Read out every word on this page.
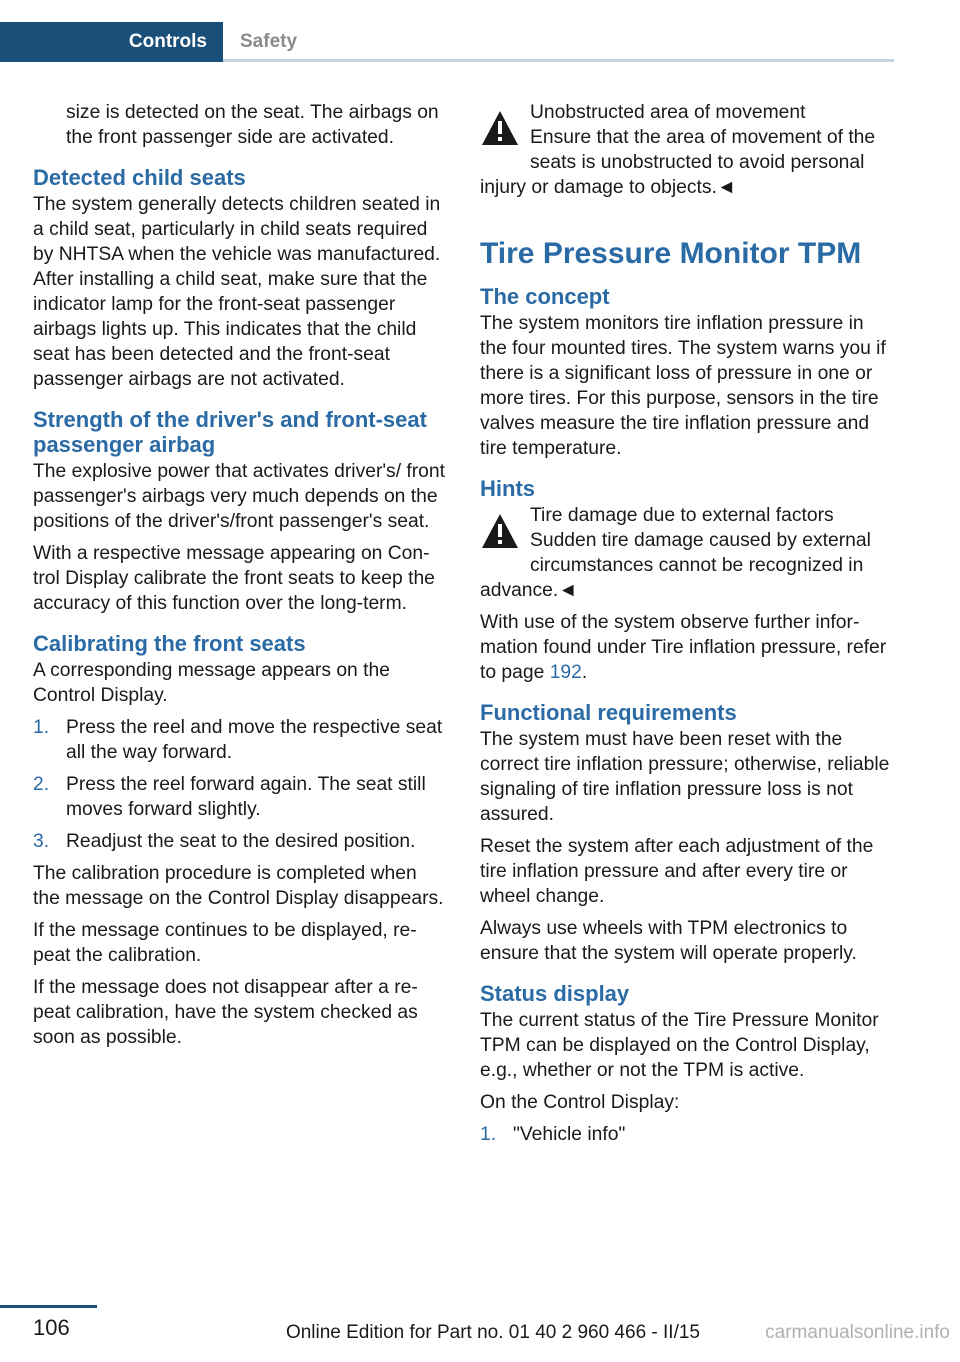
Controls	Safety

size is detected on the seat. The airbags on the front passenger side are activated.

Detected child seats

The system generally detects children seated in a child seat, particularly in child seats required by NHTSA when the vehicle was manufactured. After installing a child seat, make sure that the indicator lamp for the front-seat passenger airbags lights up. This indicates that the child seat has been detected and the front-seat passenger airbags are not activated.

Strength of the driver's and front-seat passenger airbag

The explosive power that activates driver's/ front passenger's airbags very much depends on the positions of the driver's/front passenger's seat.

With a respective message appearing on Control Display calibrate the front seats to keep the accuracy of this function over the long-term.

Calibrating the front seats

A corresponding message appears on the Control Display.

1. Press the reel and move the respective seat all the way forward.
2. Press the reel forward again. The seat still moves forward slightly.
3. Readjust the seat to the desired position.

The calibration procedure is completed when the message on the Control Display disappears.

If the message continues to be displayed, repeat the calibration.

If the message does not disappear after a repeat calibration, have the system checked as soon as possible.

Unobstructed area of movement
Ensure that the area of movement of the seats is unobstructed to avoid personal injury or damage to objects.◄
Tire Pressure Monitor TPM
The concept

The system monitors tire inflation pressure in the four mounted tires. The system warns you if there is a significant loss of pressure in one or more tires. For this purpose, sensors in the tire valves measure the tire inflation pressure and tire temperature.

Hints
Tire damage due to external factors
Sudden tire damage caused by external circumstances cannot be recognized in advance.◄

With use of the system observe further information found under Tire inflation pressure, refer to page 192.

Functional requirements

The system must have been reset with the correct tire inflation pressure; otherwise, reliable signaling of tire inflation pressure loss is not assured.

Reset the system after each adjustment of the tire inflation pressure and after every tire or wheel change.

Always use wheels with TPM electronics to ensure that the system will operate properly.

Status display

The current status of the Tire Pressure Monitor TPM can be displayed on the Control Display, e.g., whether or not the TPM is active.

On the Control Display:

1. "Vehicle info"
106	Online Edition for Part no. 01 40 2 960 466 - II/15	carmanualsonline.info
